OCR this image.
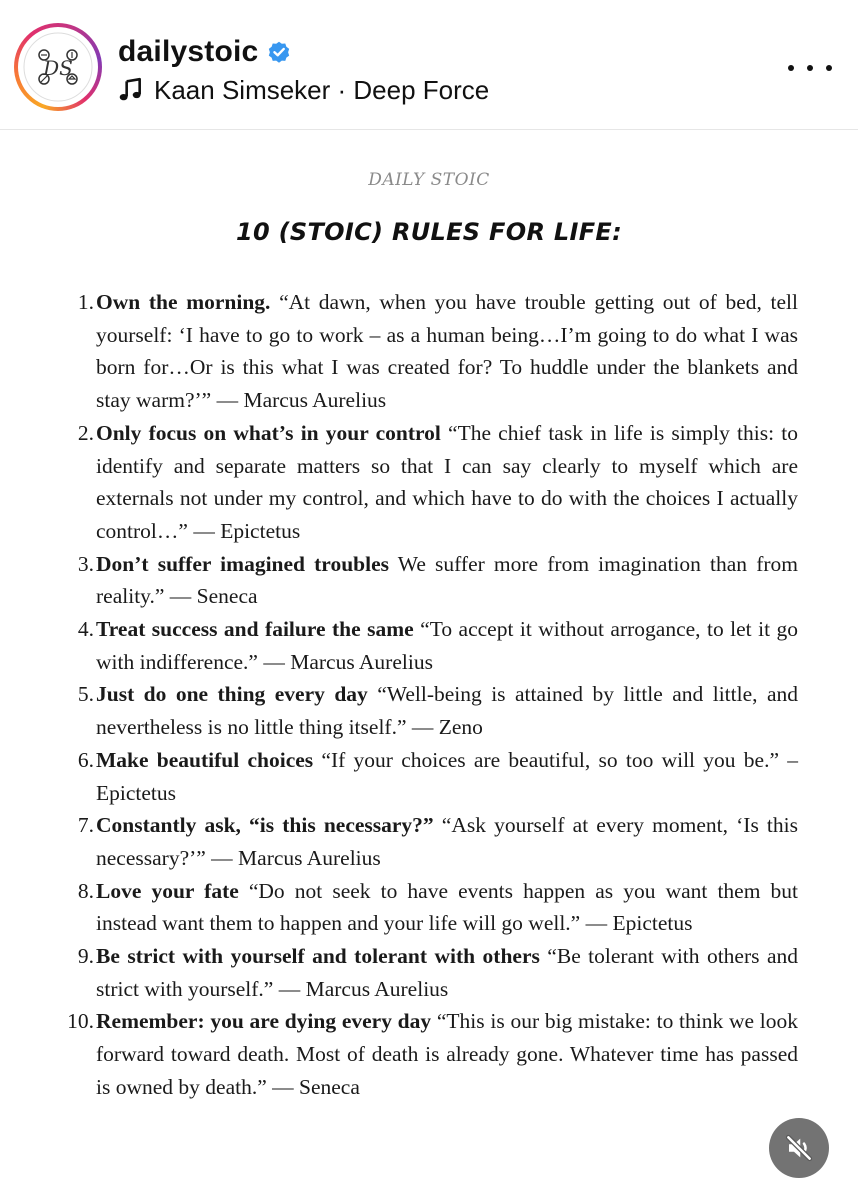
DS dailystoic
Kaan Simseker · Deep Force
DAILY STOIC
10 (STOIC) RULES FOR LIFE:
1. Own the morning. “At dawn, when you have trouble getting out of bed, tell yourself: ‘I have to go to work – as a human being…I’m going to do what I was born for…Or is this what I was created for? To huddle under the blankets and stay warm?’” — Marcus Aurelius
2. Only focus on what’s in your control “The chief task in life is simply this: to identify and separate matters so that I can say clearly to myself which are externals not under my control, and which have to do with the choices I actually control…” — Epictetus
3. Don’t suffer imagined troubles We suffer more from imagination than from reality.” — Seneca
4. Treat success and failure the same “To accept it without arrogance, to let it go with indifference.” — Marcus Aurelius
5. Just do one thing every day “Well-being is attained by little and little, and nevertheless is no little thing itself.” — Zeno
6. Make beautiful choices “If your choices are beautiful, so too will you be.” –Epictetus
7. Constantly ask, “is this necessary?” “Ask yourself at every moment, ‘Is this necessary?’” — Marcus Aurelius
8. Love your fate “Do not seek to have events happen as you want them but instead want them to happen and your life will go well.” — Epictetus
9. Be strict with yourself and tolerant with others “Be tolerant with others and strict with yourself.” — Marcus Aurelius
10. Remember: you are dying every day “This is our big mistake: to think we look forward toward death. Most of death is already gone. Whatever time has passed is owned by death.” — Seneca
